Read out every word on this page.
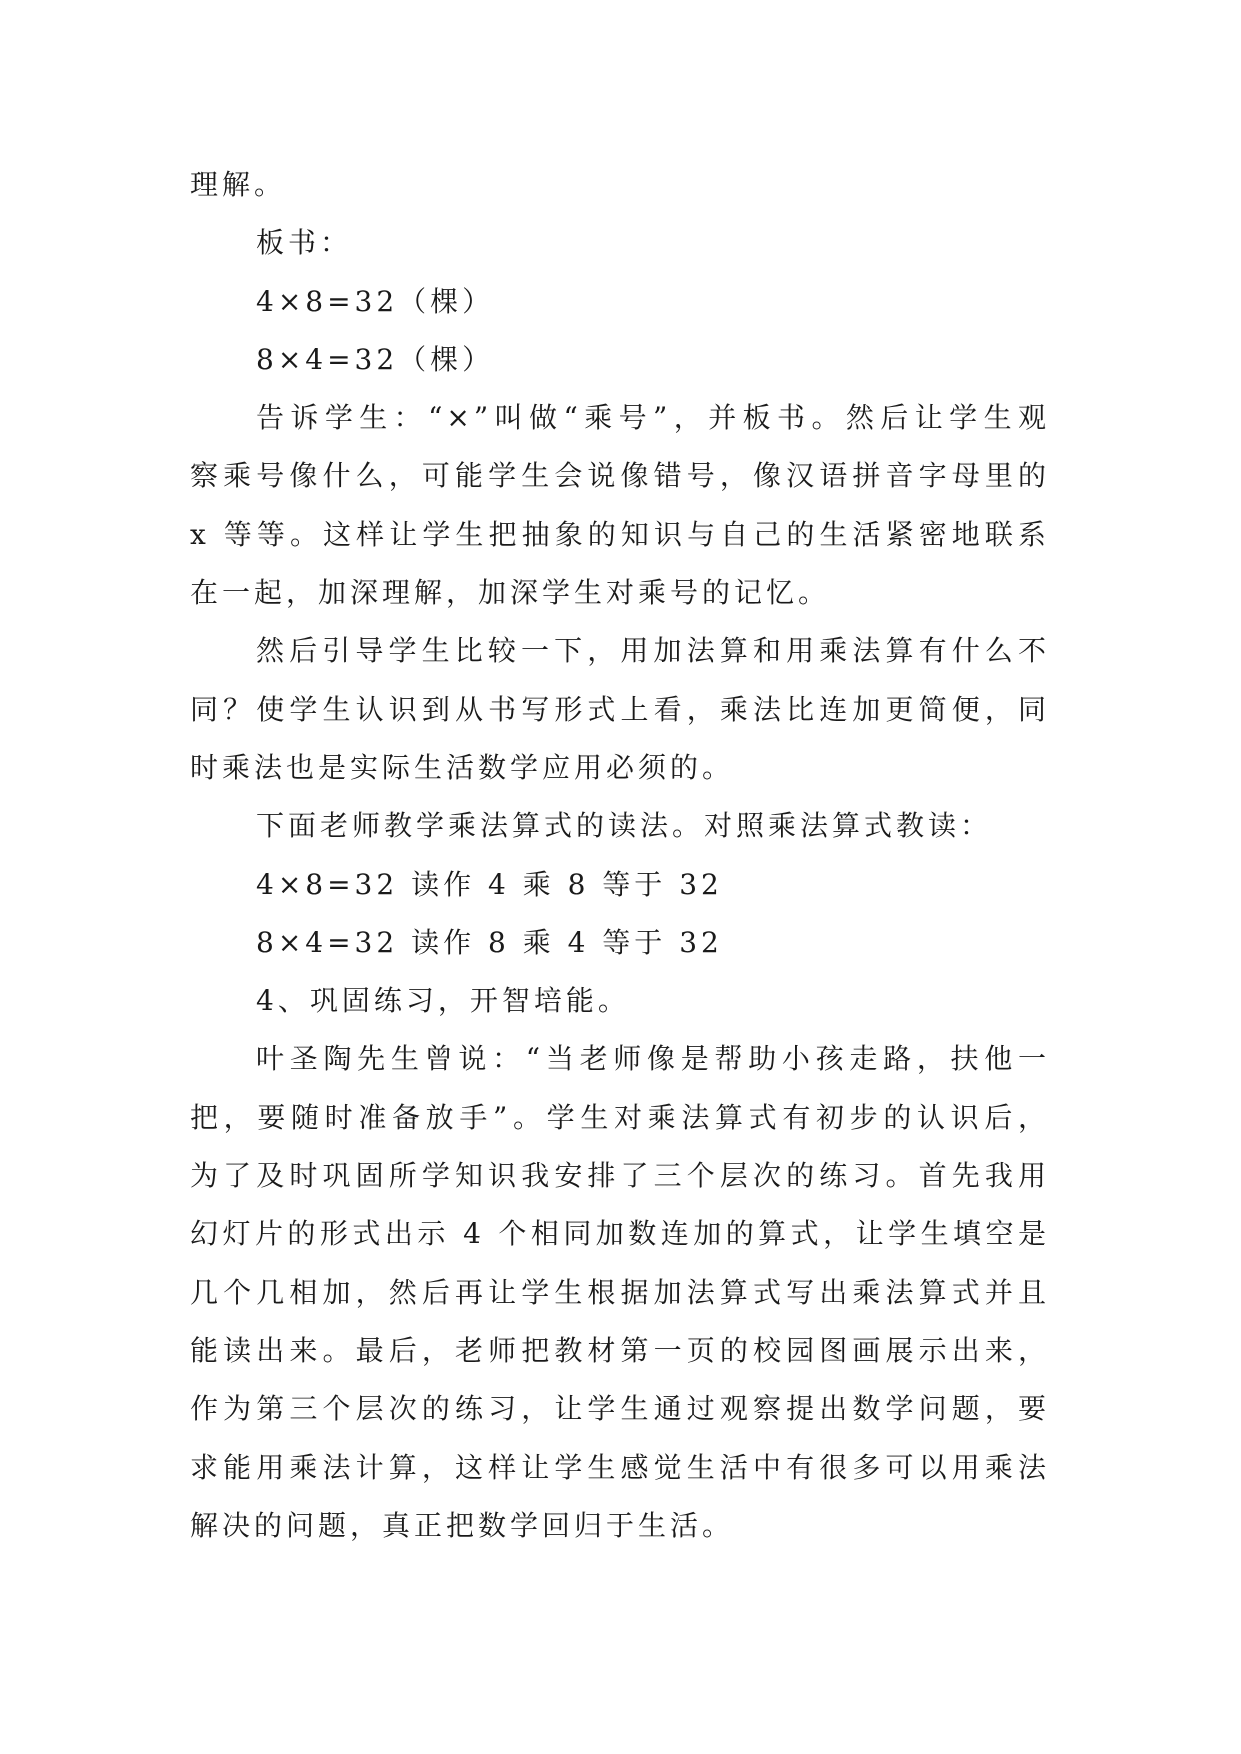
理解。
板书：
4×8=32（棵）
8×4=32（棵）
告诉学生：“×”叫做“乘号”，并板书。然后让学生观
察乘号像什么，可能学生会说像错号，像汉语拼音字母里的
x 等等。这样让学生把抽象的知识与自己的生活紧密地联系
在一起，加深理解，加深学生对乘号的记忆。
然后引导学生比较一下，用加法算和用乘法算有什么不
同？使学生认识到从书写形式上看，乘法比连加更简便，同
时乘法也是实际生活数学应用必须的。
下面老师教学乘法算式的读法。对照乘法算式教读：
4×8=32 读作 4 乘 8 等于 32
8×4=32 读作 8 乘 4 等于 32
4、巩固练习，开智培能。
叶圣陶先生曾说：“当老师像是帮助小孩走路，扶他一
把，要随时准备放手”。学生对乘法算式有初步的认识后，
为了及时巩固所学知识我安排了三个层次的练习。首先我用
幻灯片的形式出示 4 个相同加数连加的算式，让学生填空是
几个几相加，然后再让学生根据加法算式写出乘法算式并且
能读出来。最后，老师把教材第一页的校园图画展示出来，
作为第三个层次的练习，让学生通过观察提出数学问题，要
求能用乘法计算，这样让学生感觉生活中有很多可以用乘法
解决的问题，真正把数学回归于生活。
